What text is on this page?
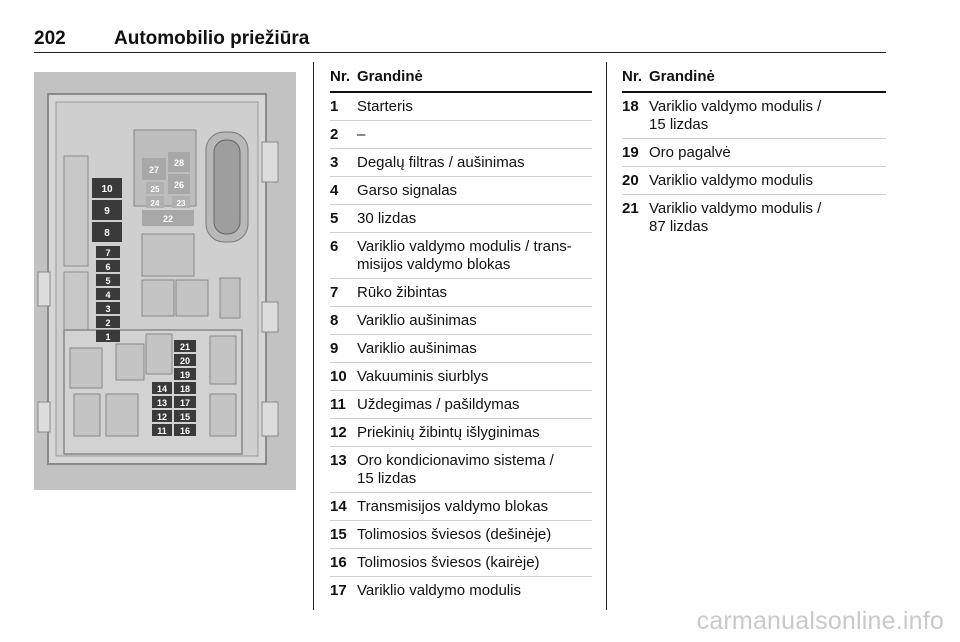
202	Automobilio priežiūra
10
9
8
7
6
5
4
3
2
1
28
27
26
25
24 23
22
21
20
19
18
17
16
15
14
13
12
11
Nr. Grandinė
1 Starteris
2 –
3 Degalų filtras / aušinimas
4 Garso signalas
5 30 lizdas
6 Variklio valdymo modulis / trans-
misijos valdymo blokas
7 Rūko žibintas
8 Variklio aušinimas
9 Variklio aušinimas
10 Vakuuminis siurblys
11 Uždegimas / pašildymas
12 Priekinių žibintų išlyginimas
13 Oro kondicionavimo sistema /
15 lizdas
14 Transmisijos valdymo blokas
15 Tolimosios šviesos (dešinėje)
16 Tolimosios šviesos (kairėje)
17 Variklio valdymo modulis
Nr. Grandinė
18 Variklio valdymo modulis /
15 lizdas
19 Oro pagalvė
20 Variklio valdymo modulis
21 Variklio valdymo modulis /
87 lizdas
carmanualsonline.info
